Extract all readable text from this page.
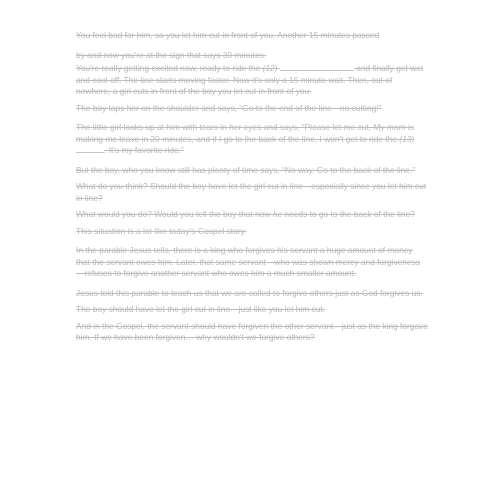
You feel bad for him, so you let him cut in front of you. Another 15 minutes passed

by and now you're at the sign that says 30 minutes.

You're really getting excited now, ready to ride the (12)	and finally get wet and cool off. The line starts moving faster. Now it's only a 15 minute wait. Then, out of nowhere, a girl cuts in front of the boy you let cut in front of you.

The boy taps her on the shoulder and says, “Go to the end of the line—no cutting!”

The little girl looks up at him with tears in her eyes and says, “Please let me cut. My mom is making me leave in 20 minutes, and if I go to the back of the line, I won't get to ride the (13) . It's my favorite ride.”

But the boy, who you know still has plenty of time says, “No way. Go to the back of the line.”

What do you think? Should the boy have let the girl cut in line—especially since you let him cut in line?

What would you do? Would you tell the boy that now he needs to go to the back of the line?

This situation is a lot like today's Gospel story.

In the parable Jesus tells, there is a king who forgives his servant a huge amount of money that the servant owes him. Later, that same servant—who was shown mercy and forgiveness—refuses to forgive another servant who owes him a much smaller amount.

Jesus told this parable to teach us that we are called to forgive others just as God forgives us.

The boy should have let the girl cut in line—just like you let him cut.

And in the Gospel, the servant should have forgiven the other servant—just as the king forgave him. If we have been forgiven… why wouldn't we forgive others?
